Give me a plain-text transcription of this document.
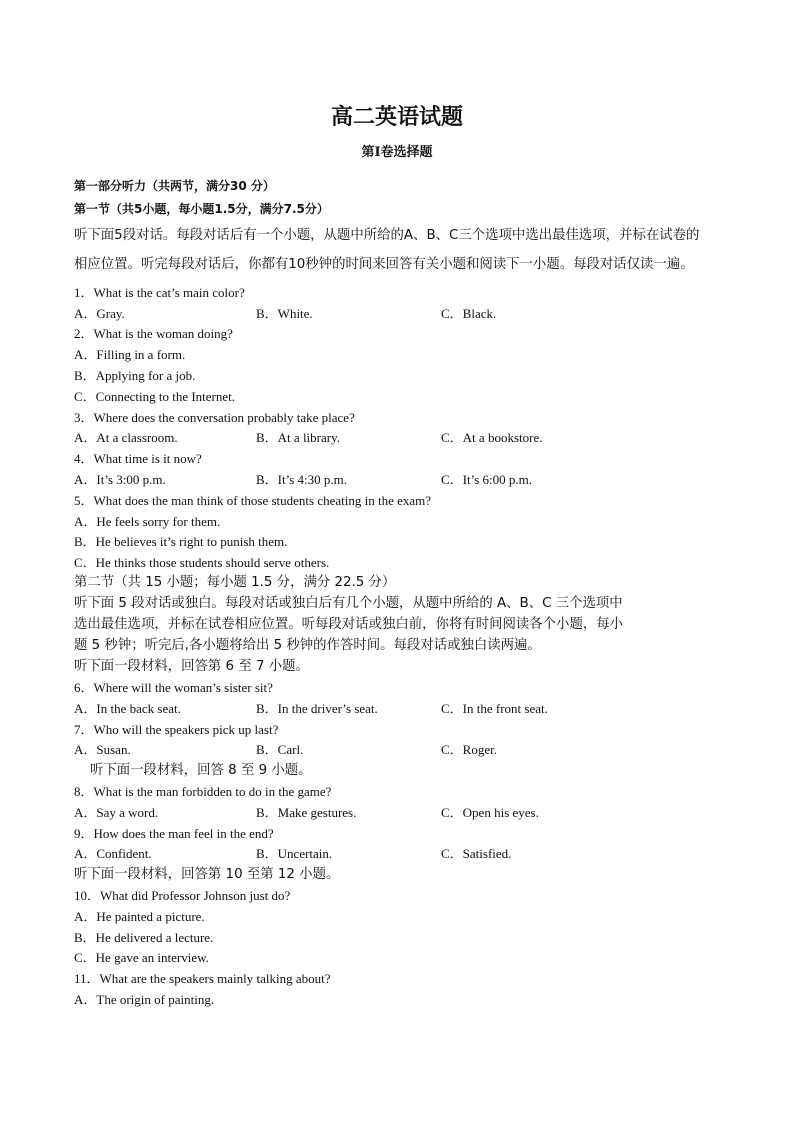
高二英语试题
第Ⅰ卷选择题
第一部分听力（共两节，满分30 分）
第一节（共5小题，每小题1.5分，满分7.5分）
听下面5段对话。每段对话后有一个小题，从题中所给的A、B、C三个选项中选出最佳选项，并标在试卷的
相应位置。听完每段对话后，你都有10秒钟的时间来回答有关小题和阅读下一小题。每段对话仅读一遍。
1．What is the cat’s main color?
A．Gray.	B．White.	C．Black.
2．What is the woman doing?
A．Filling in a form.
B．Applying for a job.
C．Connecting to the Internet.
3．Where does the conversation probably take place?
A．At a classroom.	B．At a library.	C．At a bookstore.
4．What time is it now?
A．It’s 3:00 p.m.	B．It’s 4:30 p.m.	C．It’s 6:00 p.m.
5．What does the man think of those students cheating in the exam?
A．He feels sorry for them.
B．He believes it’s right to punish them.
C．He thinks those students should serve others.
第二节（共 15 小题；每小题 1.5 分，满分 22.5 分）
听下面 5 段对话或独白。每段对话或独白后有几个小题，从题中所给的 A、B、C 三个选项中
选出最佳选项，并标在试卷相应位置。听每段对话或独白前，你将有时间阅读各个小题，每小
题 5 秒钟；听完后,各小题将给出 5 秒钟的作答时间。每段对话或独白读两遍。
听下面一段材料，回答第 6 至 7 小题。
6．Where will the woman’s sister sit?
A．In the back seat.	B．In the driver’s seat.	C．In the front seat.
7．Who will the speakers pick up last?
A．Susan.	B．Carl.	C．Roger.
听下面一段材料，回答 8 至 9 小题。
8．What is the man forbidden to do in the game?
A．Say a word.	B．Make gestures.	C．Open his eyes.
9．How does the man feel in the end?
A．Confident.	B．Uncertain.	C．Satisfied.
听下面一段材料，回答第 10 至第 12 小题。
10．What did Professor Johnson just do?
A．He painted a picture.
B．He delivered a lecture.
C．He gave an interview.
11．What are the speakers mainly talking about?
A．The origin of painting.
